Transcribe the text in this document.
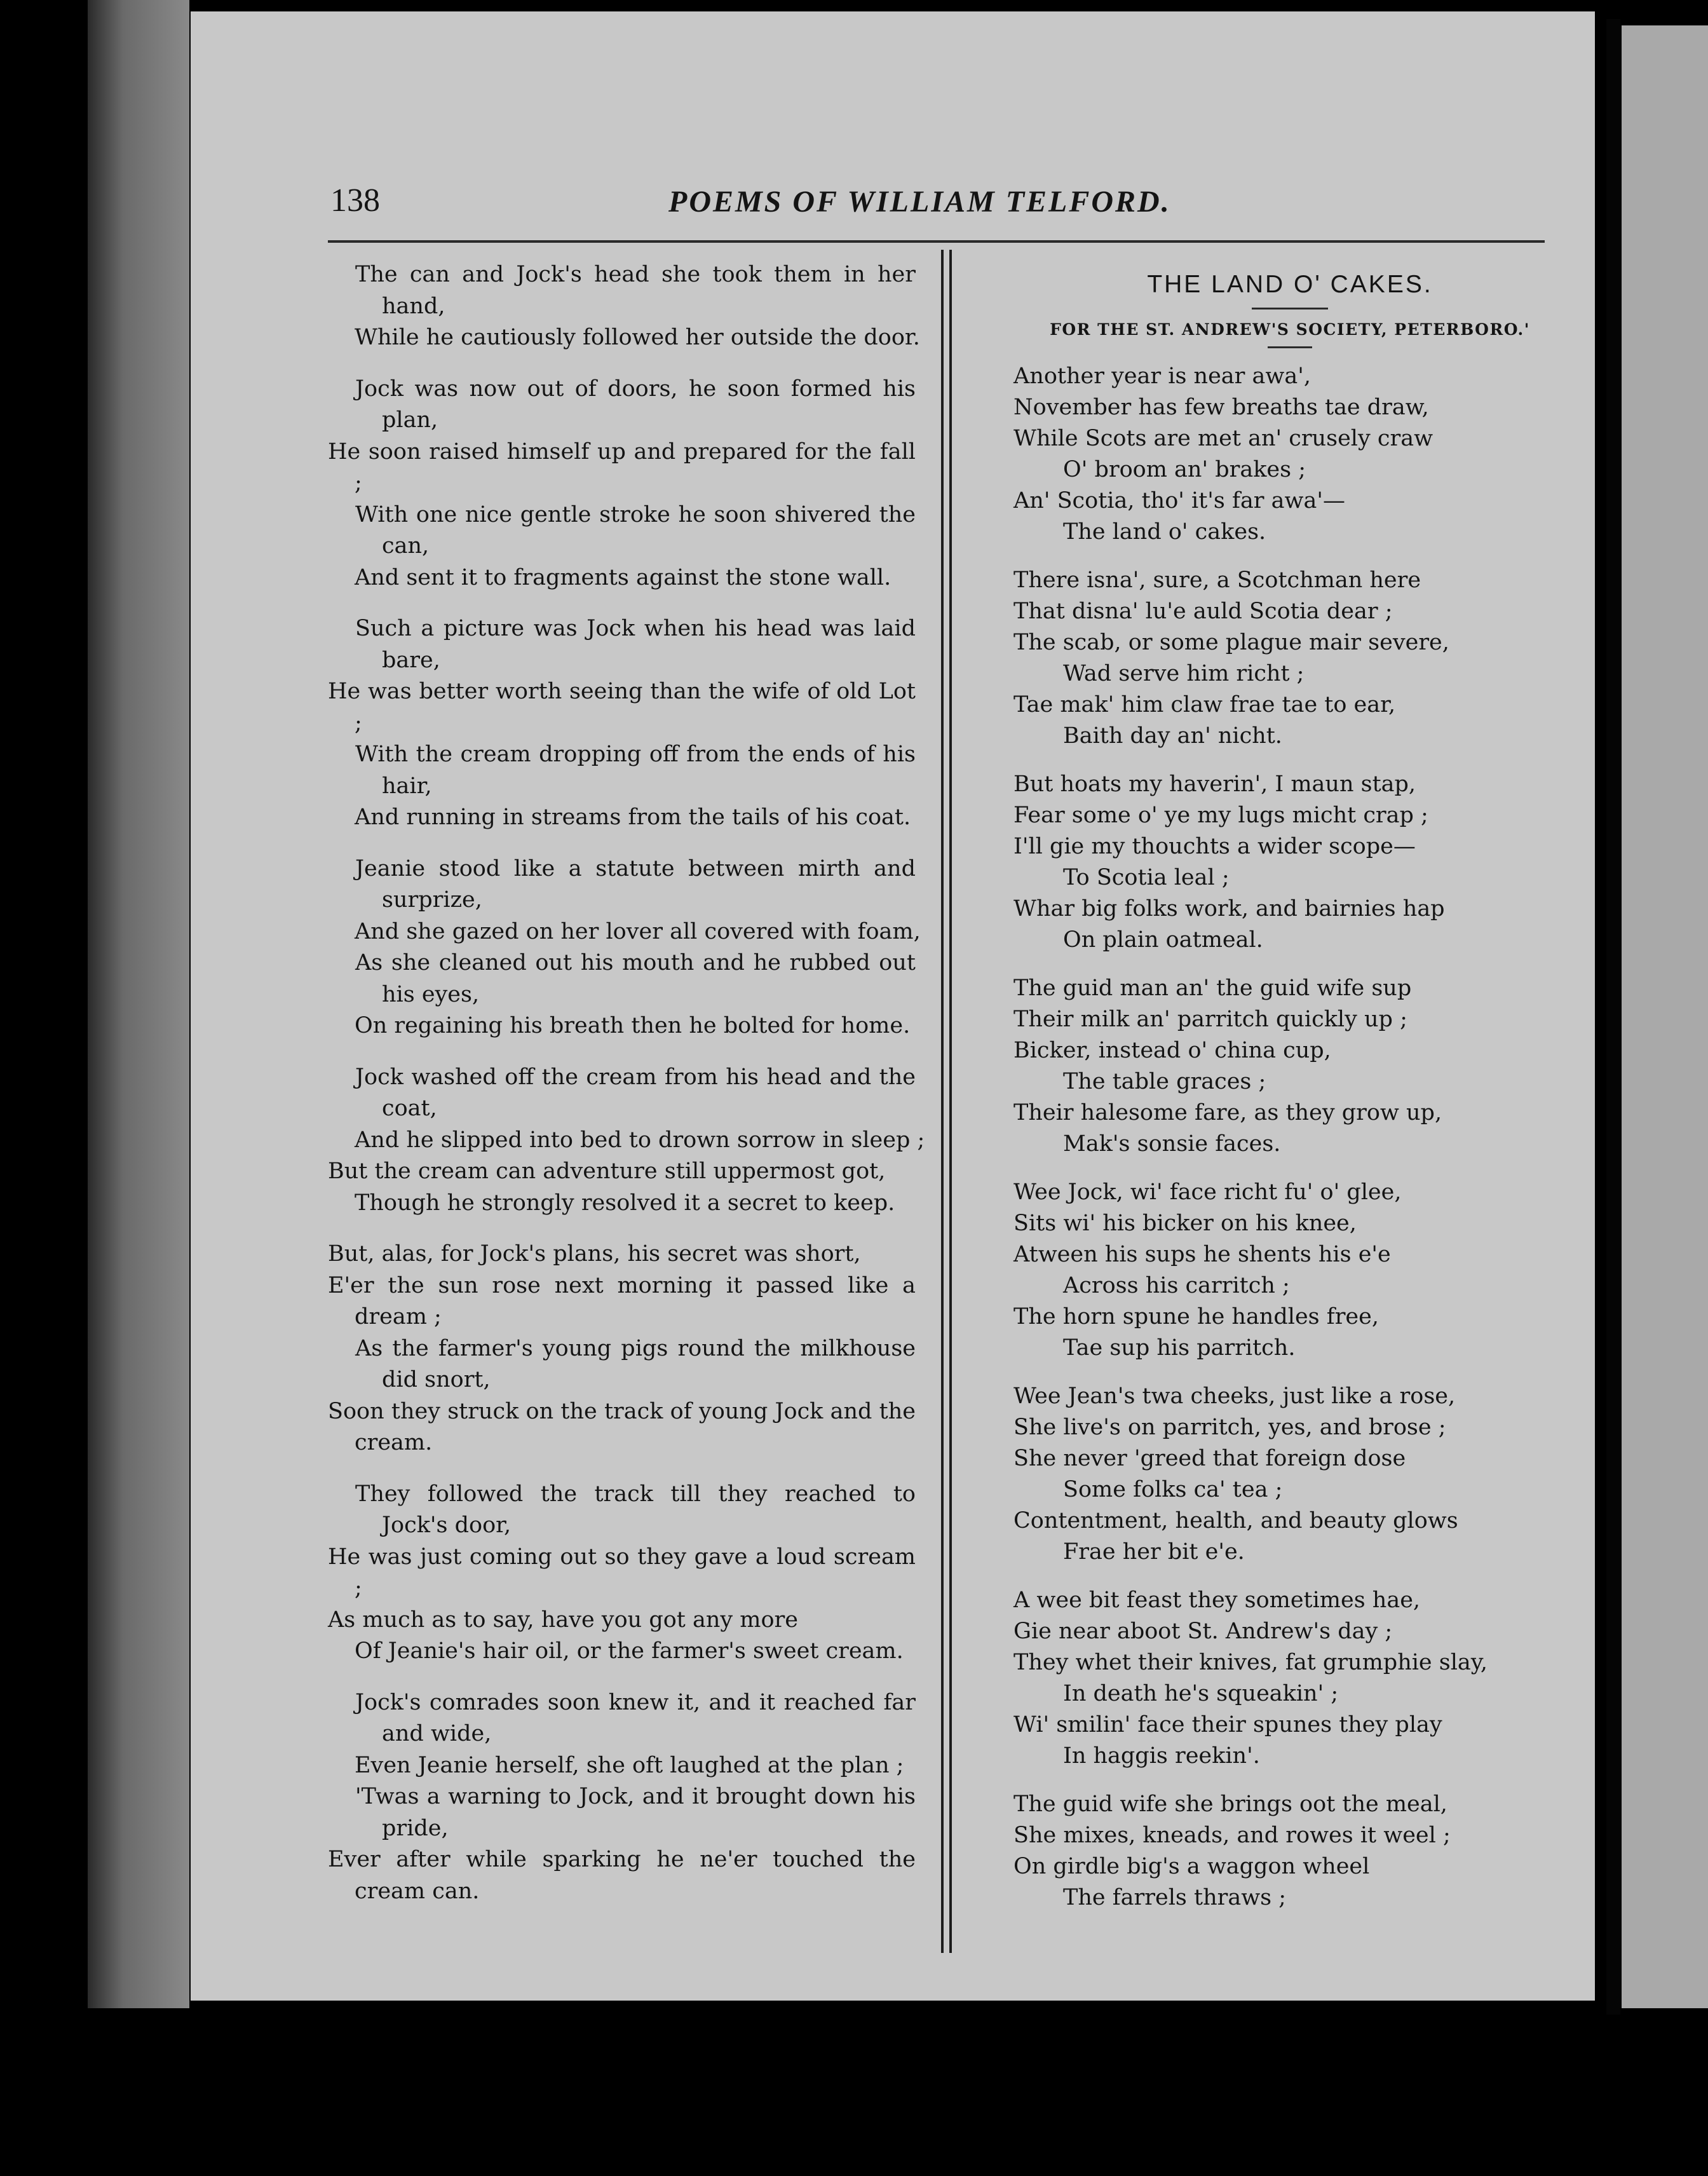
138	POEMS OF WILLIAM TELFORD.
The can and Jock's head she took them in her hand,
While he cautiously followed her outside the door.
Jock was now out of doors, he soon formed his plan,
He soon raised himself up and prepared for the fall ;
With one nice gentle stroke he soon shivered the can,
And sent it to fragments against the stone wall.
Such a picture was Jock when his head was laid bare,
He was better worth seeing than the wife of old Lot ;
With the cream dropping off from the ends of his hair,
And running in streams from the tails of his coat.
Jeanie stood like a statute between mirth and surprize,
And she gazed on her lover all covered with foam,
As she cleaned out his mouth and he rubbed out his eyes,
On regaining his breath then he bolted for home.
Jock washed off the cream from his head and the coat,
And he slipped into bed to drown sorrow in sleep ;
But the cream can adventure still uppermost got,
Though he strongly resolved it a secret to keep.
But, alas, for Jock's plans, his secret was short,
E'er the sun rose next morning it passed like a dream ;
As the farmer's young pigs round the milkhouse did snort,
Soon they struck on the track of young Jock and the cream.
They followed the track till they reached to Jock's door,
He was just coming out so they gave a loud scream ;
As much as to say, have you got any more
Of Jeanie's hair oil, or the farmer's sweet cream.
Jock's comrades soon knew it, and it reached far and wide,
Even Jeanie herself, she oft laughed at the plan ;
'Twas a warning to Jock, and it brought down his pride,
Ever after while sparking he ne'er touched the cream can.
THE LAND O' CAKES.
FOR THE ST. ANDREW'S SOCIETY, PETERBORO.'
Another year is near awa',
November has few breaths tae draw,
While Scots are met an' crusely craw
O' broom an' brakes ;
An' Scotia, tho' it's far awa'—
The land o' cakes.
There isna', sure, a Scotchman here
That disna' lu'e auld Scotia dear ;
The scab, or some plague mair severe,
Wad serve him richt ;
Tae mak' him claw frae tae to ear,
Baith day an' nicht.
But hoats my haverin', I maun stap,
Fear some o' ye my lugs micht crap ;
I'll gie my thouchts a wider scope—
To Scotia leal ;
Whar big folks work, and bairnies hap
On plain oatmeal.
The guid man an' the guid wife sup
Their milk an' parritch quickly up ;
Bicker, instead o' china cup,
The table graces ;
Their halesome fare, as they grow up,
Mak's sonsie faces.
Wee Jock, wi' face richt fu' o' glee,
Sits wi' his bicker on his knee,
Atween his sups he shents his e'e
Across his carritch ;
The horn spune he handles free,
Tae sup his parritch.
Wee Jean's twa cheeks, just like a rose,
She live's on parritch, yes, and brose ;
She never 'greed that foreign dose
Some folks ca' tea ;
Contentment, health, and beauty glows
Frae her bit e'e.
A wee bit feast they sometimes hae,
Gie near aboot St. Andrew's day ;
They whet their knives, fat grumphie slay,
In death he's squeakin' ;
Wi' smilin' face their spunes they play
In haggis reekin'.
The guid wife she brings oot the meal,
She mixes, kneads, and rowes it weel ;
On girdle big's a waggon wheel
The farrels thraws ;
